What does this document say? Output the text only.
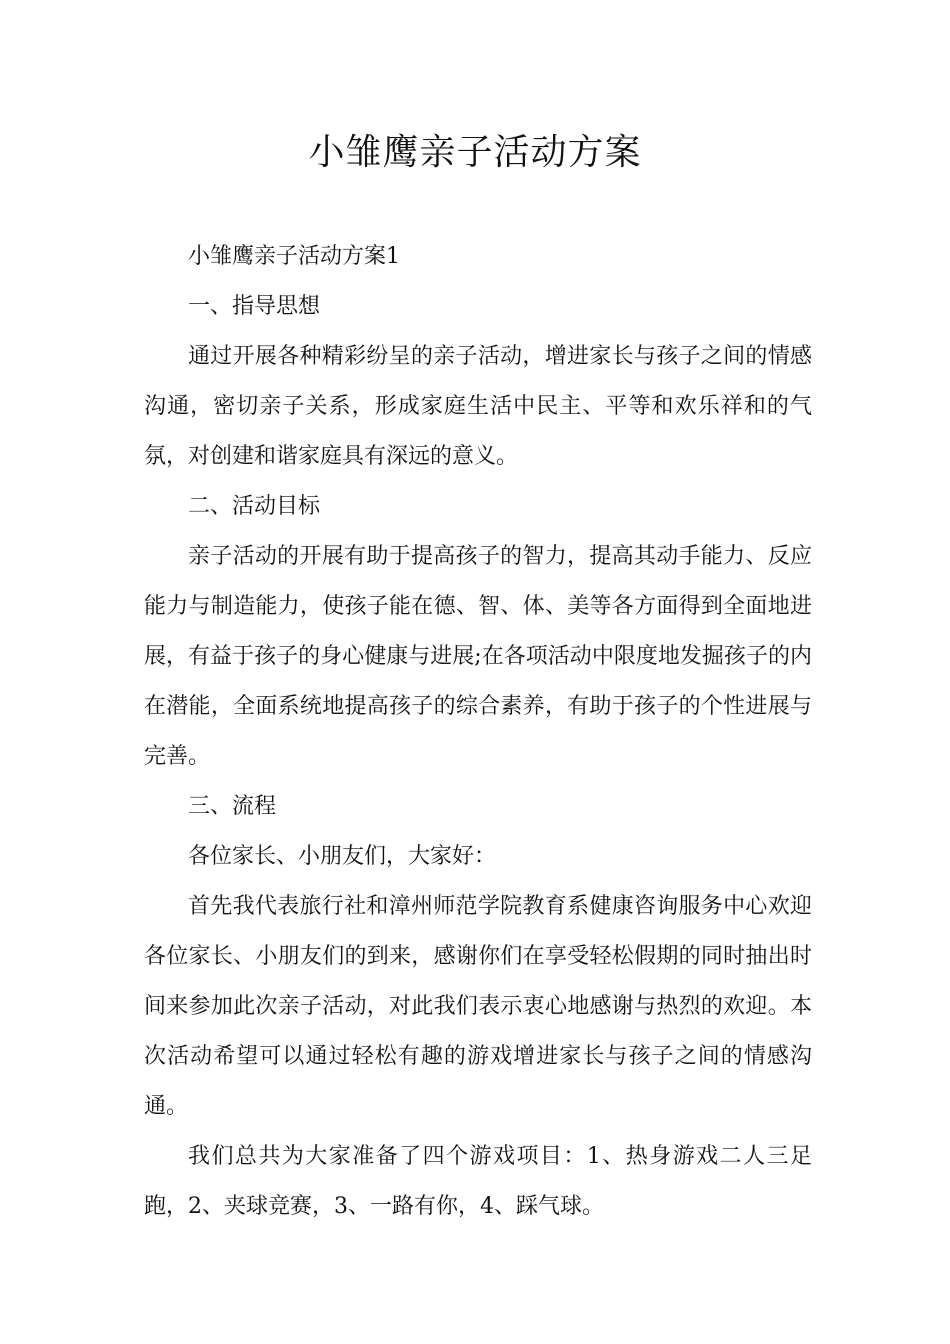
小雏鹰亲子活动方案

小雏鹰亲子活动方案1

一、指导思想

通过开展各种精彩纷呈的亲子活动，增进家长与孩子之间的情感沟通，密切亲子关系，形成家庭生活中民主、平等和欢乐祥和的气氛，对创建和谐家庭具有深远的意义。

二、活动目标

亲子活动的开展有助于提高孩子的智力，提高其动手能力、反应能力与制造能力，使孩子能在德、智、体、美等各方面得到全面地进展，有益于孩子的身心健康与进展;在各项活动中限度地发掘孩子的内在潜能，全面系统地提高孩子的综合素养，有助于孩子的个性进展与完善。

三、流程

各位家长、小朋友们，大家好：

首先我代表旅行社和漳州师范学院教育系健康咨询服务中心欢迎各位家长、小朋友们的到来，感谢你们在享受轻松假期的同时抽出时间来参加此次亲子活动，对此我们表示衷心地感谢与热烈的欢迎。本次活动希望可以通过轻松有趣的游戏增进家长与孩子之间的情感沟通。

我们总共为大家准备了四个游戏项目：1、热身游戏二人三足跑，2、夹球竞赛，3、一路有你，4、踩气球。
